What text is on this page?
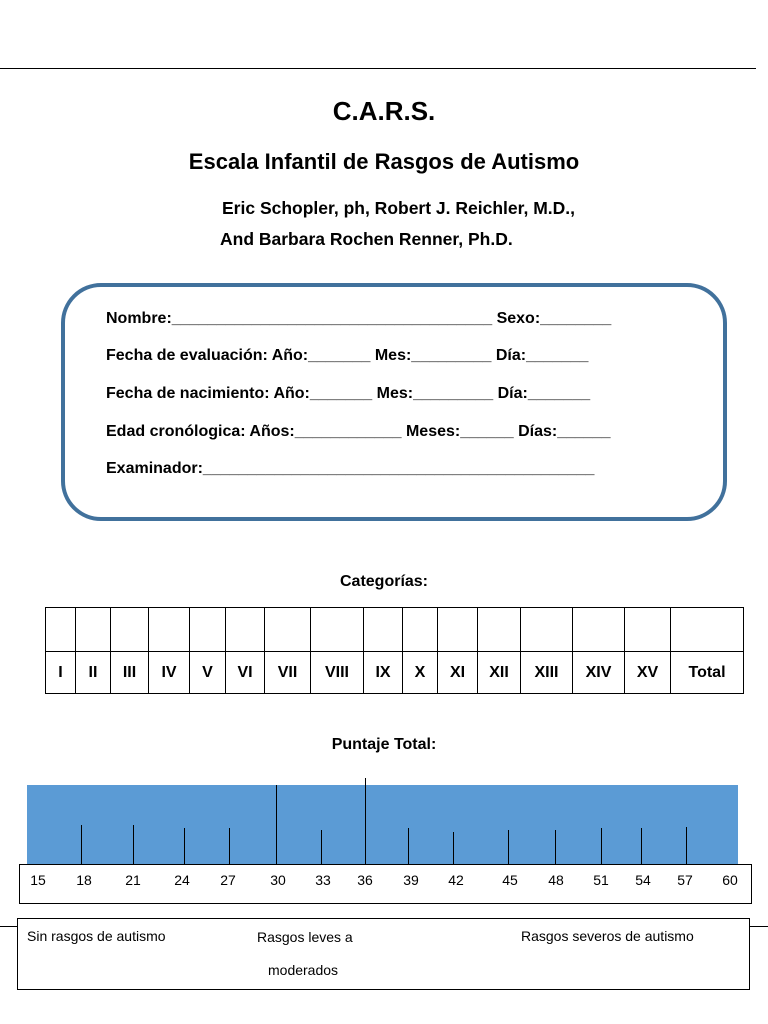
C.A.R.S.
Escala Infantil de Rasgos de Autismo
Eric Schopler, ph, Robert J. Reichler, M.D.,
And Barbara Rochen Renner, Ph.D.
Nombre:____________________________________ Sexo:________
Fecha de evaluación: Año:_______ Mes:_________ Día:_______
Fecha de nacimiento: Año:_______ Mes:_________ Día:_______
Edad cronólogica: Años:____________ Meses:______ Días:______
Examinador:____________________________________________
Categorías:

I	II	III	IV	V	VI	VII	VIII	IX	X	XI	XII	XIII	XIV	XV	Total
Puntaje Total:
15	18	21	24	27	30	33	36	39	42	45	48	51	54	57	60
Sin rasgos de autismo	Rasgos leves a
moderados
Rasgos severos de autismo
